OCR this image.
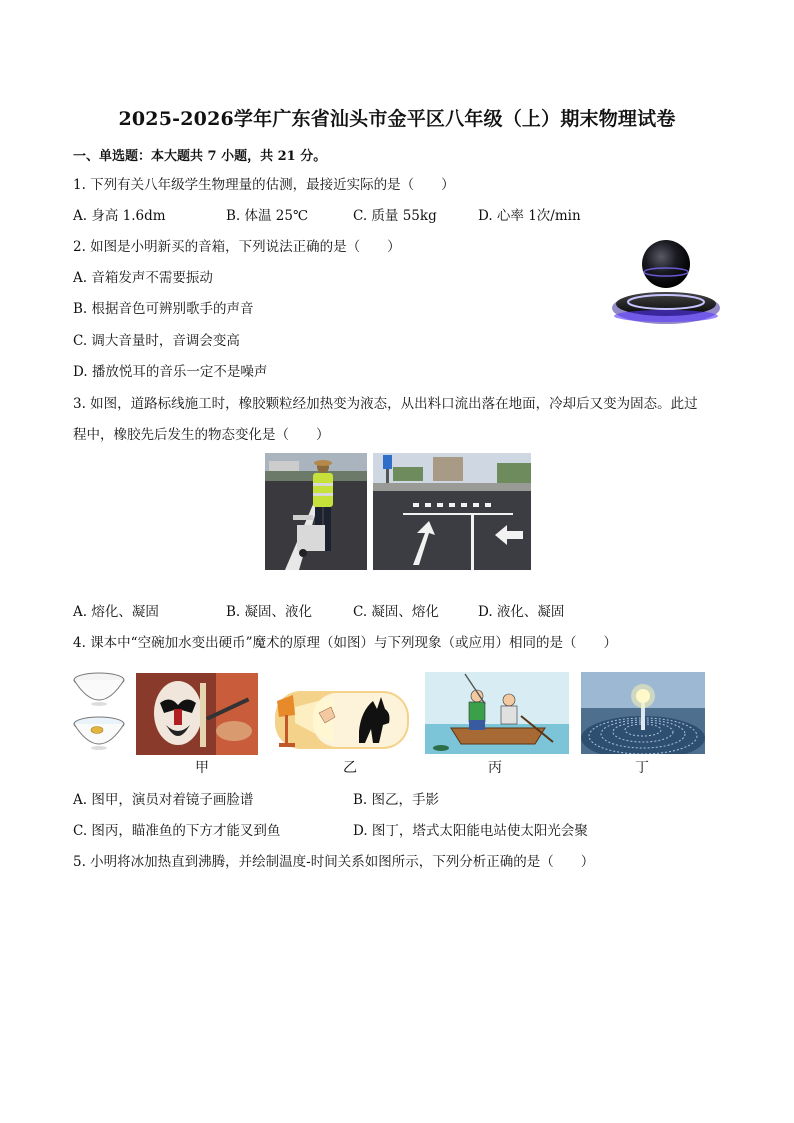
2025-2026学年广东省汕头市金平区八年级（上）期末物理试卷
一、单选题：本大题共 7 小题，共 21 分。
1. 下列有关八年级学生物理量的估测，最接近实际的是（　　）
A. 身高 1.6dm	B. 体温 25℃	C. 质量 55kg	D. 心率 1次/min
2. 如图是小明新买的音箱，下列说法正确的是（　　）
A. 音箱发声不需要振动
B. 根据音色可辨别歌手的声音
C. 调大音量时，音调会变高
D. 播放悦耳的音乐一定不是噪声
3. 如图，道路标线施工时，橡胶颗粒经加热变为液态，从出料口流出落在地面，冷却后又变为固态。此过
程中，橡胶先后发生的物态变化是（　　）
A. 熔化、凝固	B. 凝固、液化	C. 凝固、熔化	D. 液化、凝固
4. 课本中“空碗加水变出硬币”魔术的原理（如图）与下列现象（或应用）相同的是（　　）
甲	乙	丙	丁
A. 图甲，演员对着镜子画脸谱	B. 图乙，手影
C. 图丙，瞄准鱼的下方才能叉到鱼	D. 图丁，塔式太阳能电站使太阳光会聚
5. 小明将冰加热直到沸腾，并绘制温度-时间关系如图所示，下列分析正确的是（　　）
